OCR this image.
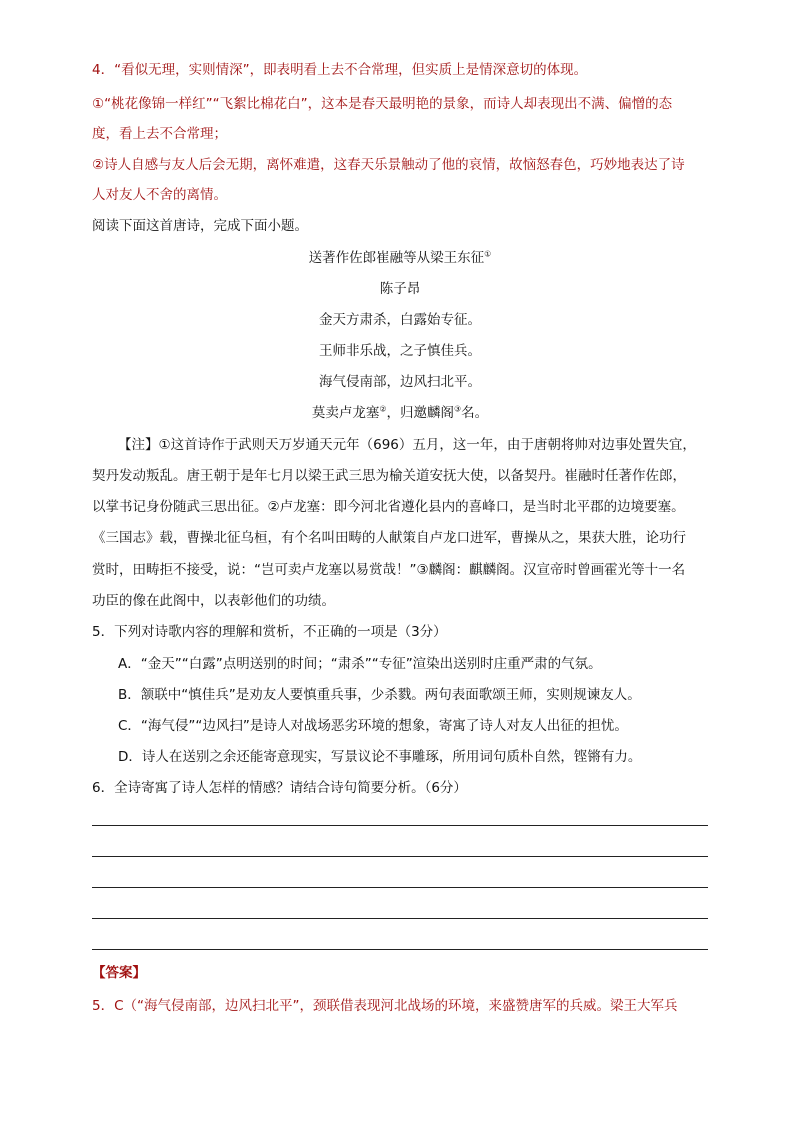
4．“看似无理，实则情深”，即表明看上去不合常理，但实质上是情深意切的体现。
①“桃花像锦一样红”“飞絮比棉花白”，这本是春天最明艳的景象，而诗人却表现出不满、偏憎的态
度，看上去不合常理；
②诗人自感与友人后会无期，离怀难遣，这春天乐景触动了他的哀情，故恼怒春色，巧妙地表达了诗
人对友人不舍的离情。
阅读下面这首唐诗，完成下面小题。
送著作佐郎崔融等从梁王东征①
陈子昂
金天方肃杀，白露始专征。
王师非乐战，之子慎佳兵。
海气侵南部，边风扫北平。
莫卖卢龙塞②，归邀麟阁③名。
【注】①这首诗作于武则天万岁通天元年（696）五月，这一年，由于唐朝将帅对边事处置失宜，
契丹发动叛乱。唐王朝于是年七月以梁王武三思为榆关道安抚大使，以备契丹。崔融时任著作佐郎，
以掌书记身份随武三思出征。②卢龙塞：即今河北省遵化县内的喜峰口，是当时北平郡的边境要塞。
《三国志》载，曹操北征乌桓，有个名叫田畴的人献策自卢龙口进军，曹操从之，果获大胜，论功行
赏时，田畴拒不接受，说：“岂可卖卢龙塞以易赏哉！”③麟阁：麒麟阁。汉宣帝时曾画霍光等十一名
功臣的像在此阁中，以表彰他们的功绩。
5．下列对诗歌内容的理解和赏析，不正确的一项是（3分）
A．“金天”“白露”点明送别的时间；“肃杀”“专征”渲染出送别时庄重严肃的气氛。
B．颔联中“慎佳兵”是劝友人要慎重兵事，少杀戮。两句表面歌颂王师，实则规谏友人。
C．“海气侵”“边风扫”是诗人对战场恶劣环境的想象，寄寓了诗人对友人出征的担忧。
D．诗人在送别之余还能寄意现实，写景议论不事雕琢，所用词句质朴自然，铿锵有力。
6．全诗寄寓了诗人怎样的情感？请结合诗句简要分析。（6分）
【答案】
5．C（“海气侵南部，边风扫北平”，颈联借表现河北战场的环境，来盛赞唐军的兵威。梁王大军兵
